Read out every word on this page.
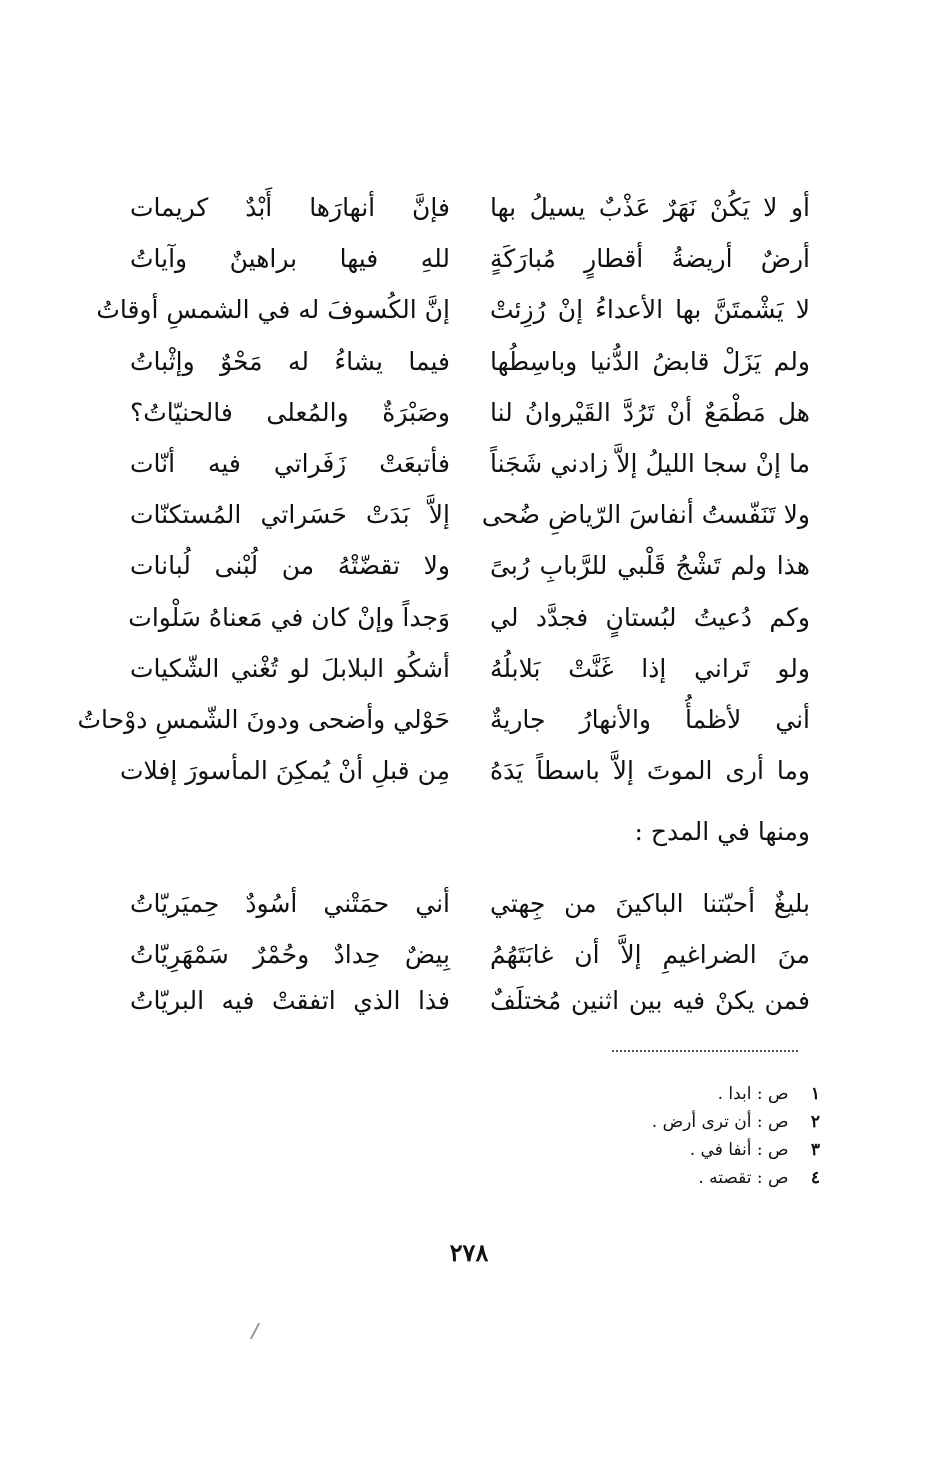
أو لا يَكُنْ نَهَرٌ عَذْبٌ يسيلُ بها
فإنَّ أنهارَها أَبْدٌ كريمات
أرضٌ أريضةُ أقطارٍ مُبارَكَةٍ
للهِ فيها براهينٌ وآياتُ
لا يَشْمتَنَّ بها الأعداءُ إنْ رُزِئتْ
إنَّ الكُسوفَ له في الشمسِ أوقاتُ
ولم يَزَلْ قابضُ الدُّنيا وباسِطُها
فيما يشاءُ له مَحْوٌ وإثْباتُ
هل مَطْمَعٌ أنْ تَرُدَّ القَيْروانُ لنا
وصَبْرَةٌ والمُعلى فالحنيّاتُ؟
ما إنْ سجا الليلُ إلاَّ زادني شَجَناً
فأتبعَتْ زَفَراتي فيه أنّات
ولا تَنَفّستُ أنفاسَ الرّياضِ ضُحى
إلاَّ بَدَتْ حَسَراتي المُستكنّات
هذا ولم تَشْجُ قَلْبي للرَّبابِ رُبىً
ولا تقضّتْهُ من لُبْنى لُبانات
وكم دُعيتُ لبُستانٍ فجدَّد لي
وَجداً وإنْ كان في مَعناهُ سَلْوات
ولو تَراني إذا غَنَّتْ بَلابلُهُ
أشكُو البلابلَ لو تُغْني الشّكيات
أني لأظمأُ والأنهارُ جاريةٌ
حَوْلي وأضحى ودونَ الشّمسِ دوْحاتُ
وما أرى الموتَ إلاَّ باسطاً يَدَهُ
مِن قبلِ أنْ يُمكِنَ المأسورَ إفلات
ومنها في المدح :
بليغٌ أحبّتنا الباكينَ من جِهتي
أني حمَتْني أسُودٌ حِميَريّاتُ
منَ الضراغيمِ إلاَّ أن غابَتَهُمُ
بِيضٌ حِدادٌ وحُمْرٌ سَمْهَرِيّاتُ
فمن يكنْ فيه بين اثنين مُختلَفٌ
فذا الذي اتفقتْ فيه البريّاتُ
١ ص : ابدا .
٢ ص : أن ترى أرض .
٣ ص : أنفا في .
٤ ص : تقصته .
٢٧٨
